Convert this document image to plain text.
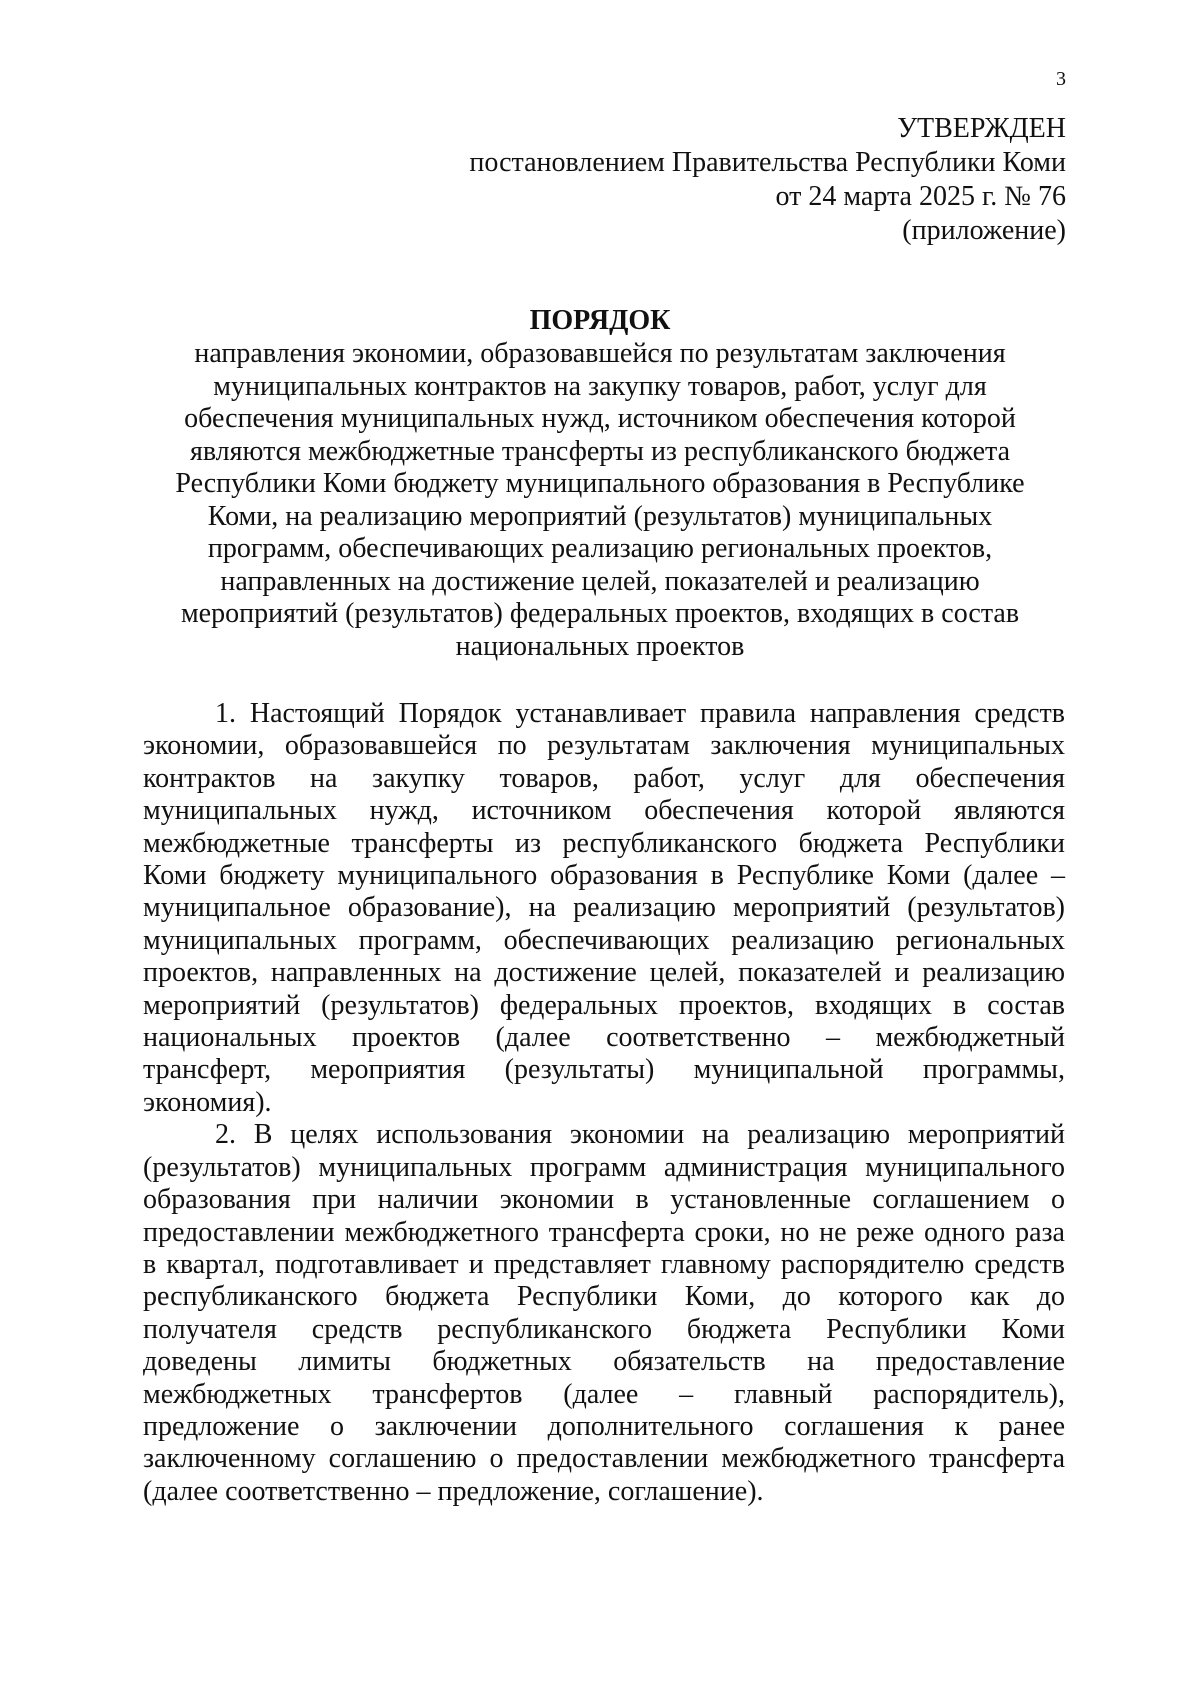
3
УТВЕРЖДЕН
постановлением Правительства Республики Коми
от 24 марта 2025 г. № 76
(приложение)
ПОРЯДОК
направления экономии, образовавшейся по результатам заключения
муниципальных контрактов на закупку товаров, работ, услуг для
обеспечения муниципальных нужд, источником обеспечения которой
являются межбюджетные трансферты из республиканского бюджета
Республики Коми бюджету муниципального образования в Республике
Коми, на реализацию мероприятий (результатов) муниципальных
программ, обеспечивающих реализацию региональных проектов,
направленных на достижение целей, показателей и реализацию
мероприятий (результатов) федеральных проектов, входящих в состав
национальных проектов
1. Настоящий Порядок устанавливает правила направления средств
экономии, образовавшейся по результатам заключения муниципальных
контрактов на закупку товаров, работ, услуг для обеспечения
муниципальных нужд, источником обеспечения которой являются
межбюджетные трансферты из республиканского бюджета Республики
Коми бюджету муниципального образования в Республике Коми (далее –
муниципальное образование), на реализацию мероприятий (результатов)
муниципальных программ, обеспечивающих реализацию региональных
проектов, направленных на достижение целей, показателей и реализацию
мероприятий (результатов) федеральных проектов, входящих в состав
национальных проектов (далее соответственно – межбюджетный
трансферт, мероприятия (результаты) муниципальной программы,
экономия).
2. В целях использования экономии на реализацию мероприятий
(результатов) муниципальных программ администрация муниципального
образования при наличии экономии в установленные соглашением о
предоставлении межбюджетного трансферта сроки, но не реже одного раза
в квартал, подготавливает и представляет главному распорядителю средств
республиканского бюджета Республики Коми, до которого как до
получателя средств республиканского бюджета Республики Коми
доведены лимиты бюджетных обязательств на предоставление
межбюджетных трансфертов (далее – главный распорядитель),
предложение о заключении дополнительного соглашения к ранее
заключенному соглашению о предоставлении межбюджетного трансферта
(далее соответственно – предложение, соглашение).
